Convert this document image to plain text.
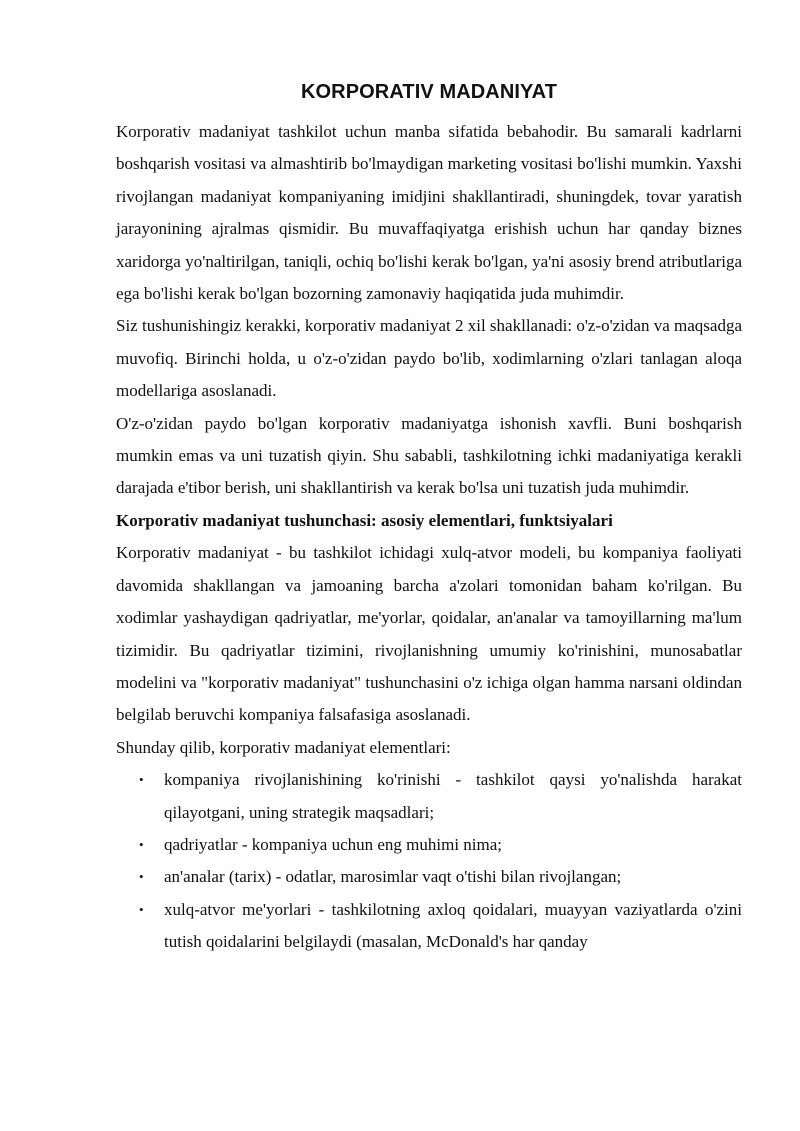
KORPORATIV MADANIYAT

Korporativ madaniyat tashkilot uchun manba sifatida bebahodir. Bu samarali kadrlarni boshqarish vositasi va almashtirib bo'lmaydigan marketing vositasi bo'lishi mumkin. Yaxshi rivojlangan madaniyat kompaniyaning imidjini shakllantiradi, shuningdek, tovar yaratish jarayonining ajralmas qismidir. Bu muvaffaqiyatga erishish uchun har qanday biznes xaridorga yo'naltirilgan, taniqli, ochiq bo'lishi kerak bo'lgan, ya'ni asosiy brend atributlariga ega bo'lishi kerak bo'lgan bozorning zamonaviy haqiqatida juda muhimdir.

Siz tushunishingiz kerakki, korporativ madaniyat 2 xil shakllanadi: o'z-o'zidan va maqsadga muvofiq. Birinchi holda, u o'z-o'zidan paydo bo'lib, xodimlarning o'zlari tanlagan aloqa modellariga asoslanadi.

O'z-o'zidan paydo bo'lgan korporativ madaniyatga ishonish xavfli. Buni boshqarish mumkin emas va uni tuzatish qiyin. Shu sababli, tashkilotning ichki madaniyatiga kerakli darajada e'tibor berish, uni shakllantirish va kerak bo'lsa uni tuzatish juda muhimdir.

Korporativ madaniyat tushunchasi: asosiy elementlari, funktsiyalari

Korporativ madaniyat - bu tashkilot ichidagi xulq-atvor modeli, bu kompaniya faoliyati davomida shakllangan va jamoaning barcha a'zolari tomonidan baham ko'rilgan. Bu xodimlar yashaydigan qadriyatlar, me'yorlar, qoidalar, an'analar va tamoyillarning ma'lum tizimidir. Bu qadriyatlar tizimini, rivojlanishning umumiy ko'rinishini, munosabatlar modelini va "korporativ madaniyat" tushunchasini o'z ichiga olgan hamma narsani oldindan belgilab beruvchi kompaniya falsafasiga asoslanadi.

Shunday qilib, korporativ madaniyat elementlari:

• kompaniya rivojlanishining ko'rinishi - tashkilot qaysi yo'nalishda harakat qilayotgani, uning strategik maqsadlari;
• qadriyatlar - kompaniya uchun eng muhimi nima;
• an'analar (tarix) - odatlar, marosimlar vaqt o'tishi bilan rivojlangan;
• xulq-atvor me'yorlari - tashkilotning axloq qoidalari, muayyan vaziyatlarda o'zini tutish qoidalarini belgilaydi (masalan, McDonald's har qanday
